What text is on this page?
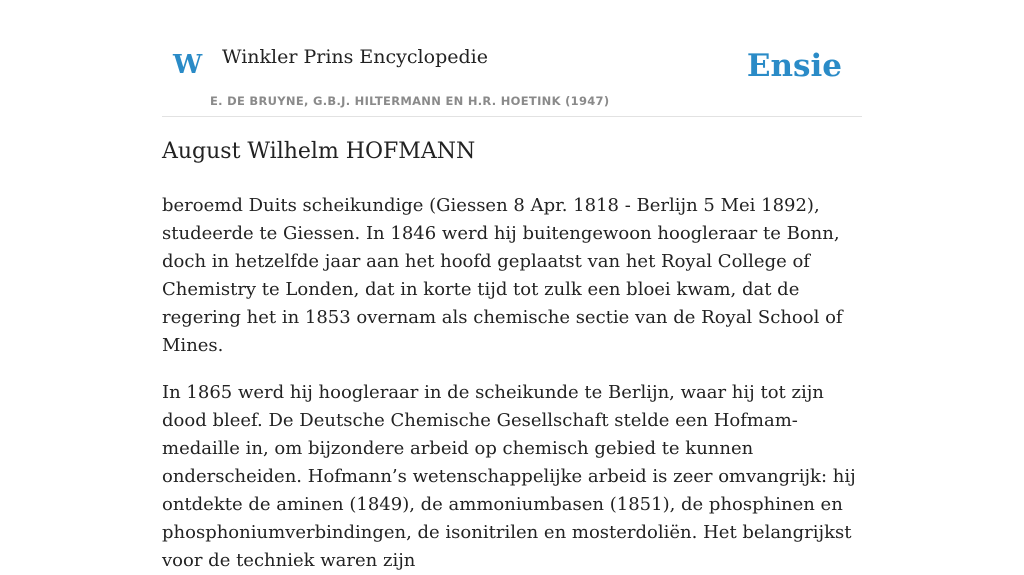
W Winkler Prins Encyclopedie
E. DE BRUYNE, G.B.J. HILTERMANN EN H.R. HOETINK (1947)
Ensie
August Wilhelm HOFMANN

beroemd Duits scheikundige (Giessen 8 Apr. 1818 - Berlijn 5 Mei 1892), studeerde te Giessen. In 1846 werd hij buitengewoon hoogleraar te Bonn, doch in hetzelfde jaar aan het hoofd geplaatst van het Royal College of Chemistry te Londen, dat in korte tijd tot zulk een bloei kwam, dat de regering het in 1853 overnam als chemische sectie van de Royal School of Mines.

In 1865 werd hij hoogleraar in de scheikunde te Berlijn, waar hij tot zijn dood bleef. De Deutsche Chemische Gesellschaft stelde een Hofmam-medaille in, om bijzondere arbeid op chemisch gebied te kunnen onderscheiden. Hofmann’s wetenschappelijke arbeid is zeer omvangrijk: hij ontdekte de aminen (1849), de ammoniumbasen (1851), de phosphinen en phosphoniumverbindingen, de isonitrilen en mosterdoliën. Het belangrijkst voor de techniek waren zijn
